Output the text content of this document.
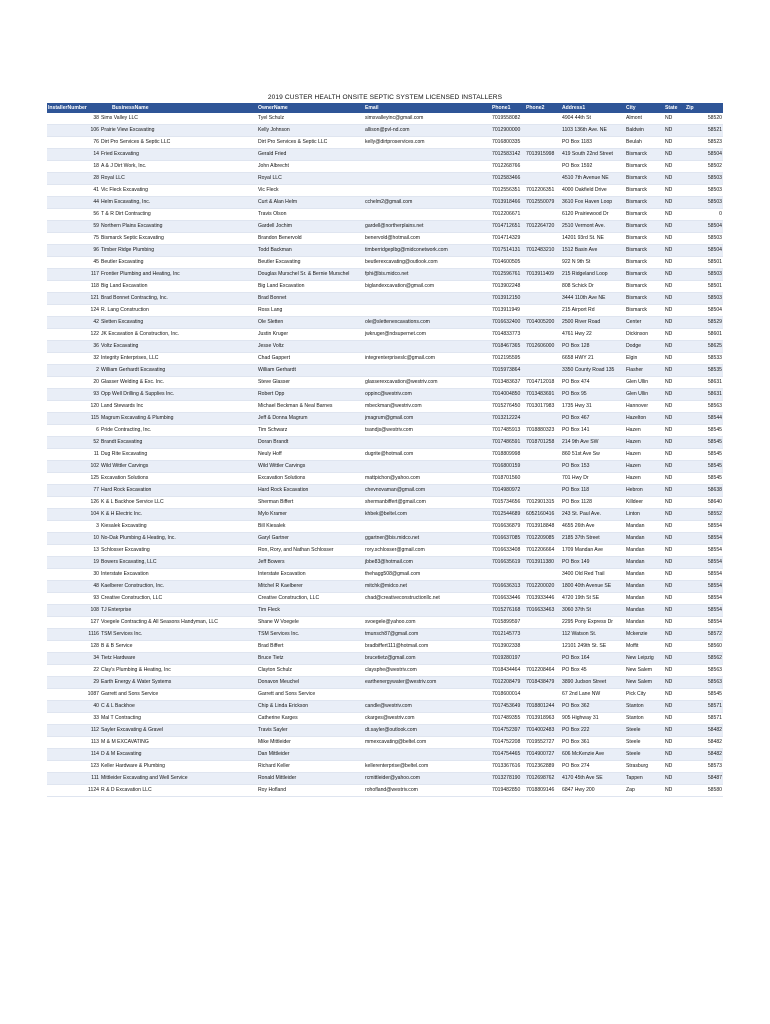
2019 CUSTER HEALTH ONSITE SEPTIC SYSTEM LICENSED INSTALLERS
InstallerNumber	BusinessName	OwnerName	Email	Phone1	Phone2	Address1	City	State	Zip
38	Sims Valley LLC	Tyel Schulz	simsvalleyinc@gmail.com	7019558082		4904 44th St	Almont	ND	58520
106	Prairie View Excavating	Kelly Johnson	allison@pvl-nd.com	7012900000		1103 136th Ave. NE	Baldwin	ND	58521
76	Dirt Pro Services & Septic LLC	Dirt Pro Services & Septic LLC	kelly@dirtproservices.com	7016800335		PO Box 1183	Beulah	ND	58523
14	Fried Excavating	Gerald Fried		7012583142	7013915998	419 South 22nd Street	Bismarck	ND	58504
18	A & J Dirt Work, Inc.	John Albrecht		7012268766		PO Box 1592	Bismarck	ND	58502
28	Royal LLC	Royal LLC		7012583466		4510 7th Avenue NE	Bismarck	ND	58503
41	Vic Fleck Excavating	Vic Fleck		7012556351	7012206351	4000 Oakfield Drive	Bismarck	ND	58503
44	Helm Excavating, Inc.	Curt & Alan Helm	cchelm2@gmail.com	7013918466	7012550079	3610 Fox Haven Loop	Bismarck	ND	58503
56	T & R Dirt Contracting	Travis Olson		7012206671		6120 Prairiewood Dr	Bismarck	ND	0
59	Northern Plains Excavating	Gardell Jochim	gardell@northerplains.net	7014712651	7012264720	2510 Vermont Ave.	Bismarck	ND	58504
75	Bismarck Septic Excavating	Brandon Benervold	benervold@hotmail.com	7014714329		14201 93rd St. NE	Bismarck	ND	58503
96	Timber Ridge Plumbing	Todd Backman	timberridgeplbg@midconetwork.com	7017514131	7012483210	1512 Basin Ave	Bismarck	ND	58504
45	Beutler Excavating	Beutler Excavating	beutlerexcavating@outlook.com	7014600505		922 N 9th St	Bismarck	ND	58501
117	Frontier Plumbing and Heating, Inc	Douglas Murschel Sr. & Bernie Murschel	fphi@bis.midco.net	7012596761	7013911409	215 Ridgeland Loop	Bismarck	ND	58503
118	Big Land Excavation	Big Land Excavation	biglandexcavation@gmail.com	7013902248		808 Schick Dr	Bismarck	ND	58501
121	Brad Bonnet Contracting, Inc.	Brad Bonnet		7013912150		3444 110th Ave NE	Bismarck	ND	58503
124	R. Lang Construction	Ross Lang		7013911949		215 Airport Rd	Bismarck	ND	58504
42	Sletten Excavating	Ole Sletten	ole@slettenexcavations.com	7016632400	7014005200	2500 River Road	Center	ND	58529
122	JK Excavation & Construction, Inc.	Justin Kruger	jwkruger@ndsupernet.com	7014833773		4761 Hwy 22	Dickinson	ND	58601
36	Voltz Excavating	Jesse Voltz		7018467365	7012606000	PO Box 128	Dodge	ND	58625
32	Integrity Enterprises, LLC	Chad Gappert	integrenterpriseslc@gmail.com	7012195595		6658 HWY 21	Elgin	ND	58533
2	William Gerhardt Excavating	William Gerhardt		7015973864		3350 County Road 135	Flasher	ND	58535
20	Glasser Welding & Exc. Inc.	Steve Glasser	glasserexcavation@westriv.com	7013483637	7014712018	PO Box 474	Glen Ullin	ND	58631
93	Opp Well Drilling & Supplies Inc.	Robert Opp	oppinc@westriv.com	7014004850	7013483691	PO Box 95	Glen Ullin	ND	58631
120	Land Stewards Inc	Michael Beckman & Neal Barnes	mbeckman@westriv.com	7015276450	7013017983	1735 Hwy 31	Hannover	ND	58563
115	Magrum Excavating & Plumbing	Jeff & Donna Magrum	jmagrum@gmail.com	7013212224		PO Box 467	Hazelton	ND	58544
6	Pride Contracting, Inc.	Tim Schwarz	tsandjs@westriv.com	7017485913	7018880323	PO Box 141	Hazen	ND	58545
52	Brandt Excavating	Doran Brandt		7017486591	7018701258	214 9th Ave SW	Hazen	ND	58545
11	Dug Rite Excavating	Neuly Hoff	dugrite@hotmail.com	7018809998		860 51st Ave Sw	Hazen	ND	58545
102	Wild Wittler Carvings	Wild Wittler Carvings		7016800159		PO Box 153	Hazen	ND	58545
125	Excavation Solutions	Excavation Solutions	mattpichon@yahoo.com	7018701560		701 Hwy Dr	Hazen	ND	58545
77	Hard Rock Excavation	Hard Rock Excavation	chevnovaman@gmail.com	7014980972		PO Box 118	Hebron	ND	58638
126	K & L Backhoe Service LLC	Sherman Biffert	shermanbiffert@gmail.com	7015734656	7012901315	PO Box 1128	Killdeer	ND	58640
104	K & H Electric Inc.	Mylo Kramer	khbek@beltel.com	7012544689	6052160416	243 St. Paul Ave.	Linton	ND	58552
3	Kiesalek Excavating	Bill Kiesalek		7016636879	7013918848	4655 26th Ave	Mandan	ND	58554
10	No-Dak Plumbing & Heating, Inc.	Garyl Gartner	ggartner@bis.midco.net	7016637085	7012209085	2185 37th Street	Mandan	ND	58554
13	Schlosser Excavating	Ron, Rory, and Nathan Schlosser	rory.schlosser@gmail.com	7016633408	7012206664	1709 Mandan Ave	Mandan	ND	58554
19	Bowers Excavating, LLC	Jeff Bowers	jbbe83@hotmail.com	7016635619	7013911380	PO Box 149	Mandan	ND	58554
30	Interstate Excavation	Interstate Excavation	thehagg508@gmail.com			3400 Old Red Trail	Mandan	ND	58554
48	Kaelberer Construction, Inc.	Mitchel R Kaelberer	mitchk@midco.net	7016636313	7012200020	1800 40th Avenue SE	Mandan	ND	58554
93	Creative Construction, LLC	Creative Construction, LLC	chad@creativeconstructionllc.net	7016633446	7013933446	4720 19th St SE	Mandan	ND	58554
108	TJ Enterprise	Tim Fleck		7015276168	7016633463	3060 37th St	Mandan	ND	58554
127	Voegele Contracting & All Seasons Handyman, LLC	Shane W Voegele	svoegele@yahoo.com	7015899597		2295 Pony Express Dr	Mandan	ND	58554
1116	TSM Services Inc.	TSM Services Inc.	tmunsch87@gmail.com	7012145773		112 Watson St.	Mckenzie	ND	58572
128	B & B Service	Brad Biffert	bradbiffert111@hotmail.com	7013902338		12101 249th St. SE	Moffit	ND	58560
34	Tietz Hardware	Bruce Tietz	brucetietz@gmail.com	7019280197		PO Box 164	New Leipzig	ND	58562
22	Clay's Plumbing & Heating, Inc	Clayton Schulz	claysphe@westriv.com	7018434464	7012208464	PO Box 45	New Salem	ND	58563
29	Earth Energy & Water Systems	Donavon Meuchel	earthenergywater@westriv.com	7012208479	7018438479	3890 Judson Street	New Salem	ND	58563
1087	Garrett and Sons Service	Garrett and Sons Service		7018600014		67 2nd Lane NW	Pick City	ND	58545
40	C & L Backhoe	Chip & Linda Erickson	candle@westriv.com	7017453649	7018801244	PO Box 362	Stanton	ND	58571
33	Mal T Contracting	Catherine Karges	ckarges@westriv.com	7017489355	7013918963	905 Highway 31	Stanton	ND	58571
112	Sayler Excavating & Gravel	Travis Sayler	dt.sayler@outlook.com	7014752397	7014002483	PO Box 222	Steele	ND	58482
113	M & M EXCAVATING	Mike Mittleider	mmexcavating@beltel.com	7014752208	7019552727	PO Box 361	Steele	ND	58482
114	D & M Excavating	Dan Mittleider		7014754465	7014900727	606 McKenzie Ave	Steele	ND	58482
123	Keller Hardware & Plumbing	Richard Keller	kellerenterprise@beltel.com	7013367616	7012362889	PO Box 274	Strasburg	ND	58573
111	Mittleider Excavating and Well Service	Ronald Mittleider	rcmittleider@yahoo.com	7013278190	7012698762	4170 45th Ave SE	Tappen	ND	58487
1124	R & D Excavation LLC	Roy Hofland	rohofland@westriv.com	7019482850	7018809146	6847 Hwy 200	Zap	ND	58580
